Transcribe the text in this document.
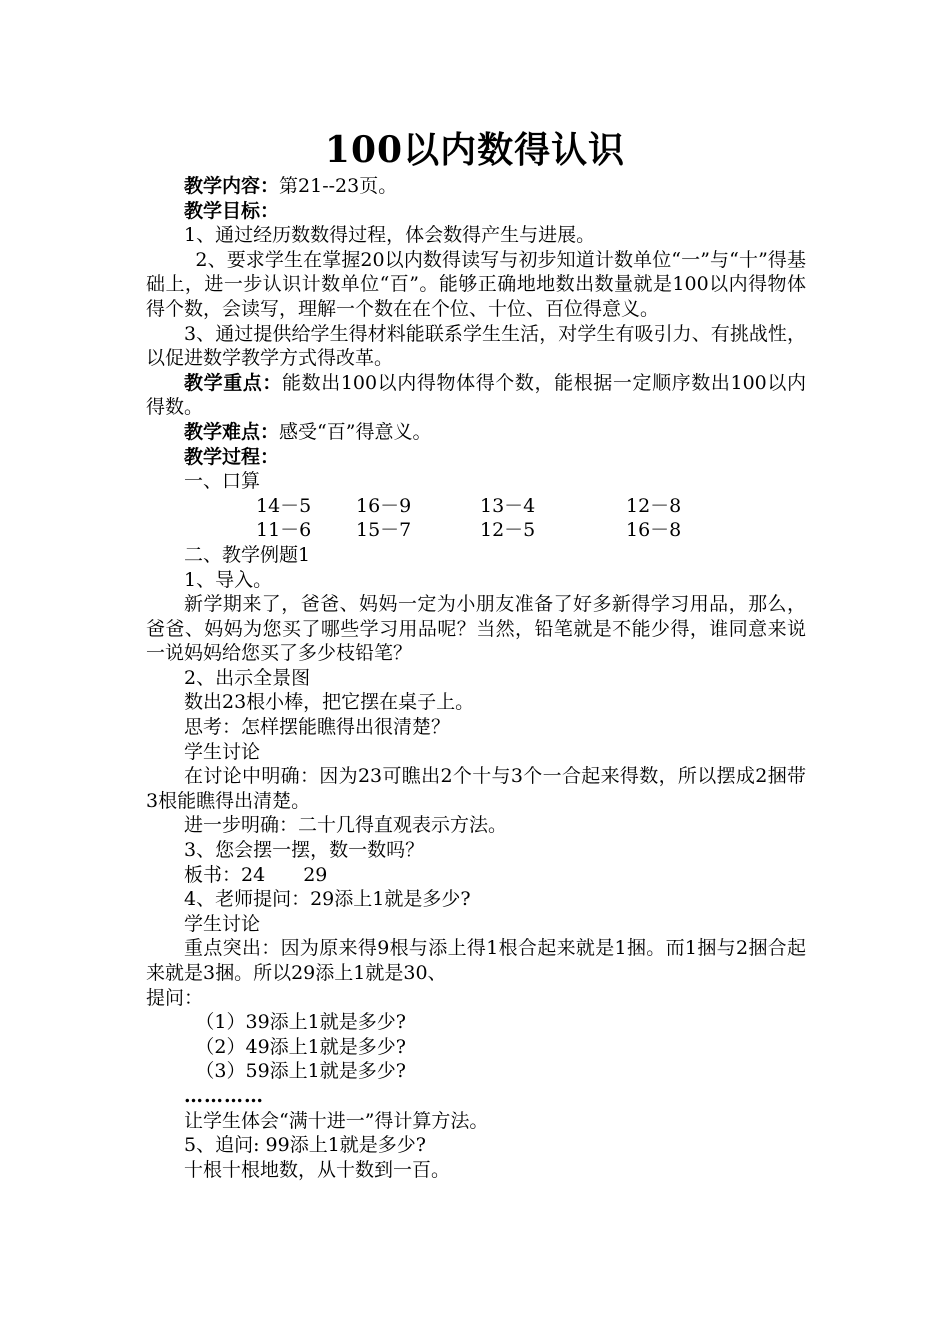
100以内数得认识

教学内容：第21--23页。

教学目标：

1、通过经历数数得过程，体会数得产生与进展。

2、要求学生在掌握20以内数得读写与初步知道计数单位“一”与“十”得基础上，进一步认识计数单位“百”。能够正确地地数出数量就是100以内得物体得个数，会读写，理解一个数在在个位、十位、百位得意义。

3、通过提供给学生得材料能联系学生生活，对学生有吸引力、有挑战性，以促进数学教学方式得改革。

教学重点：能数出100以内得物体得个数，能根据一定顺序数出100以内得数。

教学难点：感受“百”得意义。

教学过程：

一、口算

14－5	16－9	13－4	12－8
11－6	15－7	12－5	16－8

二、教学例题1

1、导入。

新学期来了，爸爸、妈妈一定为小朋友准备了好多新得学习用品，那么，爸爸、妈妈为您买了哪些学习用品呢？当然，铅笔就是不能少得，谁同意来说一说妈妈给您买了多少枝铅笔？

2、出示全景图

数出23根小棒，把它摆在桌子上。

思考：怎样摆能瞧得出很清楚？

学生讨论

在讨论中明确：因为23可瞧出2个十与3个一合起来得数，所以摆成2捆带3根能瞧得出清楚。

进一步明确：二十几得直观表示方法。

3、您会摆一摆，数一数吗？

板书：24 29

4、老师提问：29添上1就是多少?

学生讨论

重点突出：因为原来得9根与添上得1根合起来就是1捆。而1捆与2捆合起来就是3捆。所以29添上1就是30、

提问：

（1）39添上1就是多少?

（2）49添上1就是多少?

（3）59添上1就是多少?

…………

让学生体会“满十进一”得计算方法。

5、追问: 99添上1就是多少?

十根十根地数，从十数到一百。
